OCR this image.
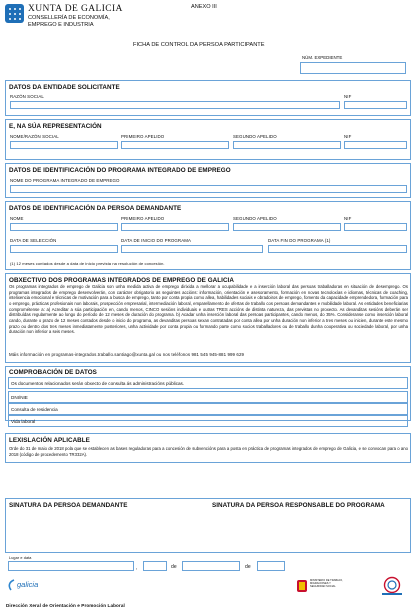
XUNTA DE GALICIA
CONSELLERÍA DE ECONOMÍA,
EMPREGO E INDUSTRIA
ANEXO III
FICHA DE CONTROL DA PERSOA PARTICIPANTE
NÚM. EXPEDIENTE
DATOS DA ENTIDADE SOLICITANTE
RAZÓN SOCIAL	NIF
E, NA SÚA REPRESENTACIÓN
NOME/RAZÓN SOCIAL	PRIMEIRO APELIDO	SEGUNDO APELIDO	NIF
DATOS DE IDENTIFICACIÓN DO PROGRAMA INTEGRADO DE EMPREGO
NOME DO PROGRAMA INTEGRADO DE EMPREGO
DATOS DE IDENTIFICACIÓN DA PERSOA DEMANDANTE
NOME	PRIMEIRO APELIDO	SEGUNDO APELIDO	NIF
DATA DE SELECCIÓN	DATA DE INICIO DO PROGRAMA	DATA FIN DO PROGRAMA (1)
(1) 12 meses contados desde a data de inicio prevista na resolución de concesión.
OBXECTIVO DOS PROGRAMAS INTEGRADOS DE EMPREGO DE GALICIA
Os programas integrados de emprego de Galicia son unha medida activa de emprego dirixida a mellorar a ocupabilidade e a inserción laboral das persoas traballadoras en situación de desemprego. Os programas integrados de emprego desenvolverán, con carácter obrigatorio as seguintes accións: información, orientación e asesoramento, formación en novas tecnoloxías e idiomas, técnicas de coaching, intelixencia emocional e técnicas de motivación para a busca de emprego, tanto por conta propia como allea, habilidades sociais e obradoiros de emprego, fomento da capacidade emprendedora, formación para o emprego, prácticas profesionais non laborais, prospección empresarial, intermediación laboral, emparellamento de ofertas de traballo cos persoas demandantes e mobilidade laboral. As entidades beneficiarias comprométense a: a) Acreditar a súa participación en, cando menos, CINCO sesións individuais e outras TRES accións de distinta natureza, das previstas no proxecto. As devanditas sesións deberán ser distribuídas regularmente ao longo do período de 12 meses de duración do programa. b) Acadar unha inserción laboral das persoas participantes, cando menos, do 35%. Consideranse como inserción laboral cando, durante o prazo de 12 meses contados desde o inicio do programa, as devanditas persoas sexan contratadas por conta allea por unha duración non inferior a tres meses ou inicien, durante este mesmo prazo ou dentro dos tres meses inmediatamente posteriores, unha actividade por conta propia ou formando parte como socios traballadores ou de traballo dunha cooperativa ou sociedade laboral, por unha duración non inferior a seis meses.
Máis información en programas-integrados.traballo.santiago@xunta.gal ou nos teléfonos 981 545 945-881 999 629
COMPROBACIÓN DE DATOS
Os documentos relacionados serán obxecto de consulta ás administracións públicas.
DNI/NIE
Consulta de residencia
Vida laboral
LEXISLACIÓN APLICABLE
Orde do 31 de maio de 2018 pola que se establecen as bases reguladoras para a concesión de subvencións para a posta en práctica de programas integrados de emprego de Galicia, e se convocan para o ano 2018 (código de procedemento TR332A).
SINATURA DA PERSOA DEMANDANTE	SINATURA DA PERSOA RESPONSABLE DO PROGRAMA
Lugar e data
,	de	de
galicia	MINISTERIO DE TRABAJO, MIGRACIONES Y SEGURIDAD SOCIAL
Dirección Xeral de Orientación e Promoción Laboral
